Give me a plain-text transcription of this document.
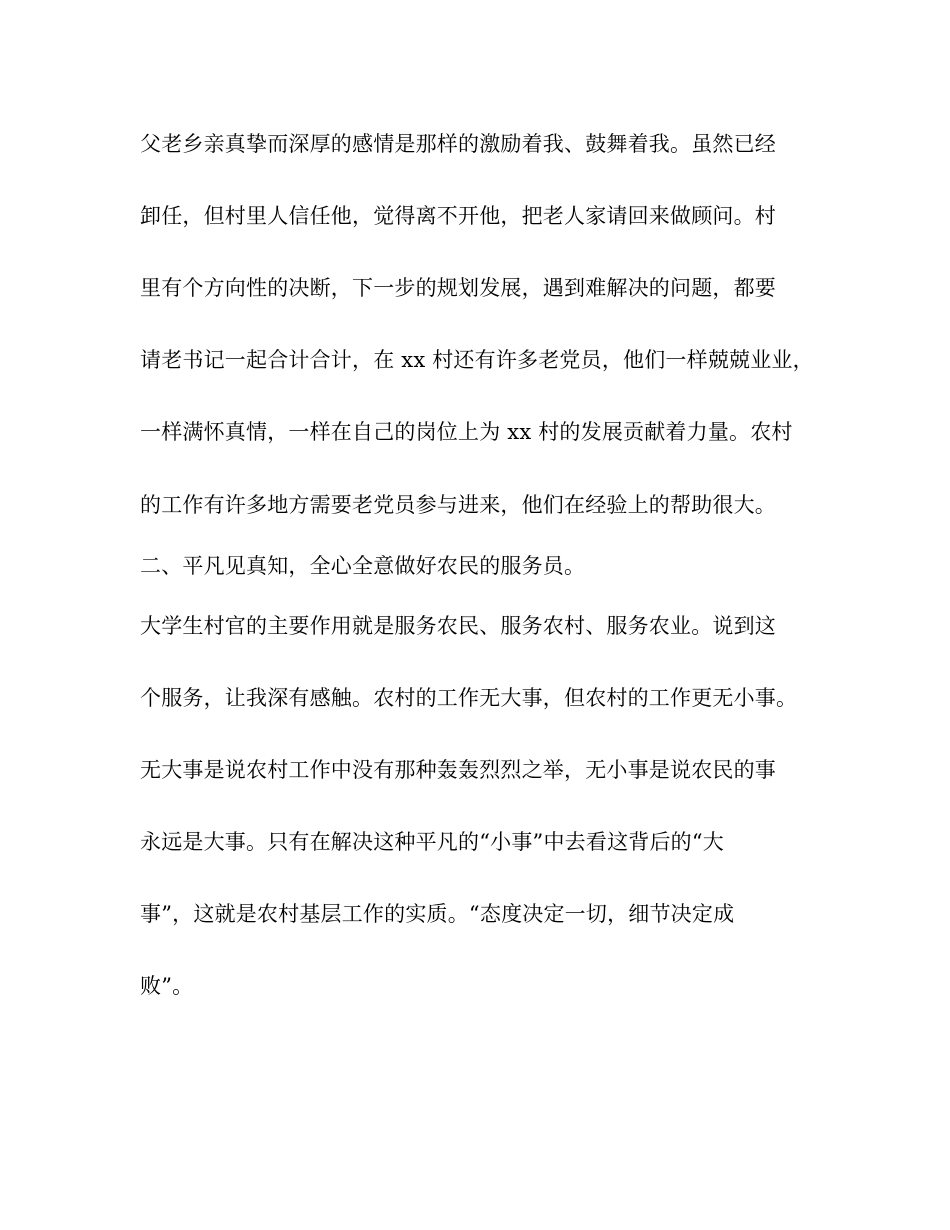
父老乡亲真挚而深厚的感情是那样的激励着我、鼓舞着我。虽然已经
卸任，但村里人信任他，觉得离不开他，把老人家请回来做顾问。村
里有个方向性的决断，下一步的规划发展，遇到难解决的问题，都要
请老书记一起合计合计，在 xx 村还有许多老党员，他们一样兢兢业业，
一样满怀真情，一样在自己的岗位上为 xx 村的发展贡献着力量。农村
的工作有许多地方需要老党员参与进来，他们在经验上的帮助很大。
二、平凡见真知，全心全意做好农民的服务员。
大学生村官的主要作用就是服务农民、服务农村、服务农业。说到这
个服务，让我深有感触。农村的工作无大事，但农村的工作更无小事。
无大事是说农村工作中没有那种轰轰烈烈之举，无小事是说农民的事
永远是大事。只有在解决这种平凡的“小事”中去看这背后的“大
事”，这就是农村基层工作的实质。“态度决定一切，细节决定成
败”。
